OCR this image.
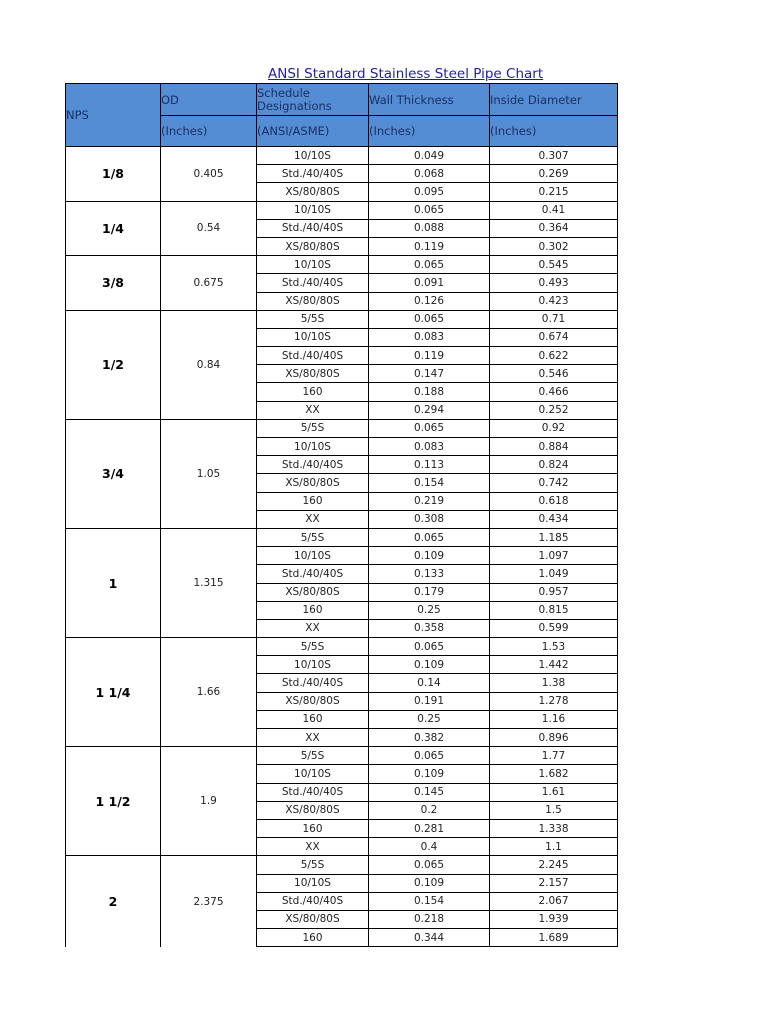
ANSI Standard Stainless Steel Pipe Chart
NPS	OD	Schedule Designations	Wall Thickness	Inside Diameter
	(Inches)	(ANSI/ASME)	(Inches)	(Inches)
1/8	0.405	10/10S	0.049	0.307
		Std./40/40S	0.068	0.269
		XS/80/80S	0.095	0.215
1/4	0.54	10/10S	0.065	0.41
		Std./40/40S	0.088	0.364
		XS/80/80S	0.119	0.302
3/8	0.675	10/10S	0.065	0.545
		Std./40/40S	0.091	0.493
		XS/80/80S	0.126	0.423
1/2	0.84	5/5S	0.065	0.71
		10/10S	0.083	0.674
		Std./40/40S	0.119	0.622
		XS/80/80S	0.147	0.546
		160	0.188	0.466
		XX	0.294	0.252
3/4	1.05	5/5S	0.065	0.92
		10/10S	0.083	0.884
		Std./40/40S	0.113	0.824
		XS/80/80S	0.154	0.742
		160	0.219	0.618
		XX	0.308	0.434
1	1.315	5/5S	0.065	1.185
		10/10S	0.109	1.097
		Std./40/40S	0.133	1.049
		XS/80/80S	0.179	0.957
		160	0.25	0.815
		XX	0.358	0.599
1 1/4	1.66	5/5S	0.065	1.53
		10/10S	0.109	1.442
		Std./40/40S	0.14	1.38
		XS/80/80S	0.191	1.278
		160	0.25	1.16
		XX	0.382	0.896
1 1/2	1.9	5/5S	0.065	1.77
		10/10S	0.109	1.682
		Std./40/40S	0.145	1.61
		XS/80/80S	0.2	1.5
		160	0.281	1.338
		XX	0.4	1.1
2	2.375	5/5S	0.065	2.245
		10/10S	0.109	2.157
		Std./40/40S	0.154	2.067
		XS/80/80S	0.218	1.939
		160	0.344	1.689
